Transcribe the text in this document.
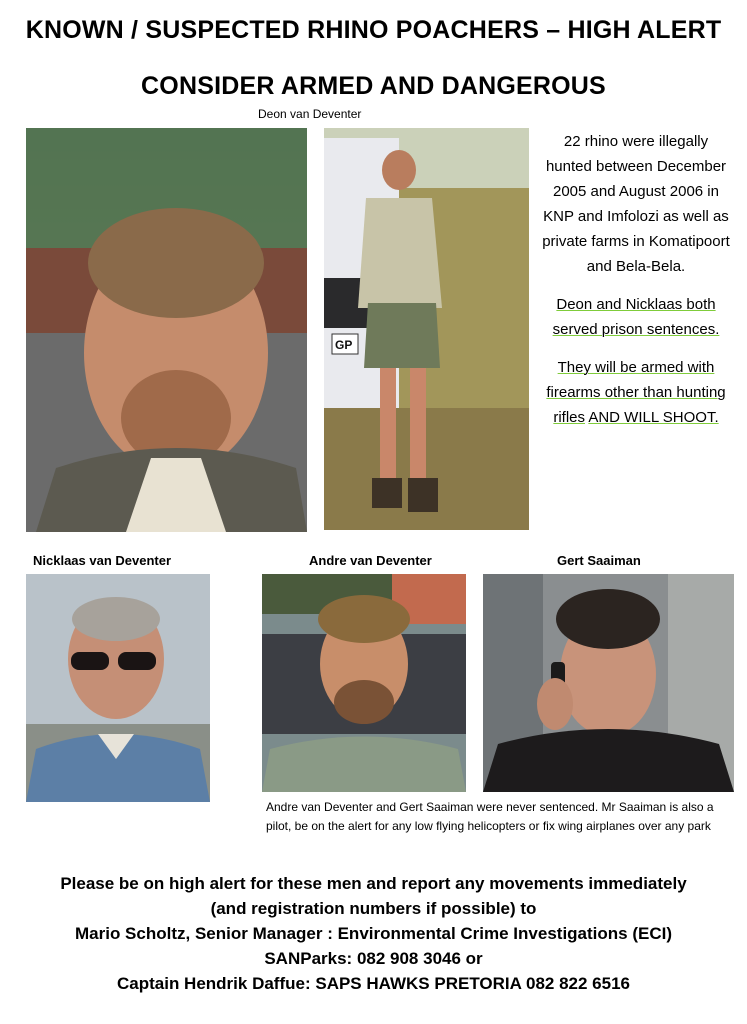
KNOWN / SUSPECTED RHINO POACHERS – HIGH ALERT
CONSIDER ARMED AND DANGEROUS
Deon van Deventer
GP

22 rhino were illegally hunted between December 2005 and August 2006 in KNP and Imfolozi as well as private farms in Komatipoort and Bela-Bela.

Deon and Nicklaas both served prison sentences.

They will be armed with firearms other than hunting rifles AND WILL SHOOT.

Nicklaas van Deventer	Andre van Deventer	Gert Saaiman
Andre van Deventer and Gert Saaiman were never sentenced. Mr Saaiman is also a pilot, be on the alert for any low flying helicopters or fix wing airplanes over any park
Please be on high alert for these men and report any movements immediately
(and registration numbers if possible) to
Mario Scholtz, Senior Manager : Environmental Crime Investigations (ECI)
SANParks: 082 908 3046 or
Captain Hendrik Daffue: SAPS HAWKS PRETORIA 082 822 6516
